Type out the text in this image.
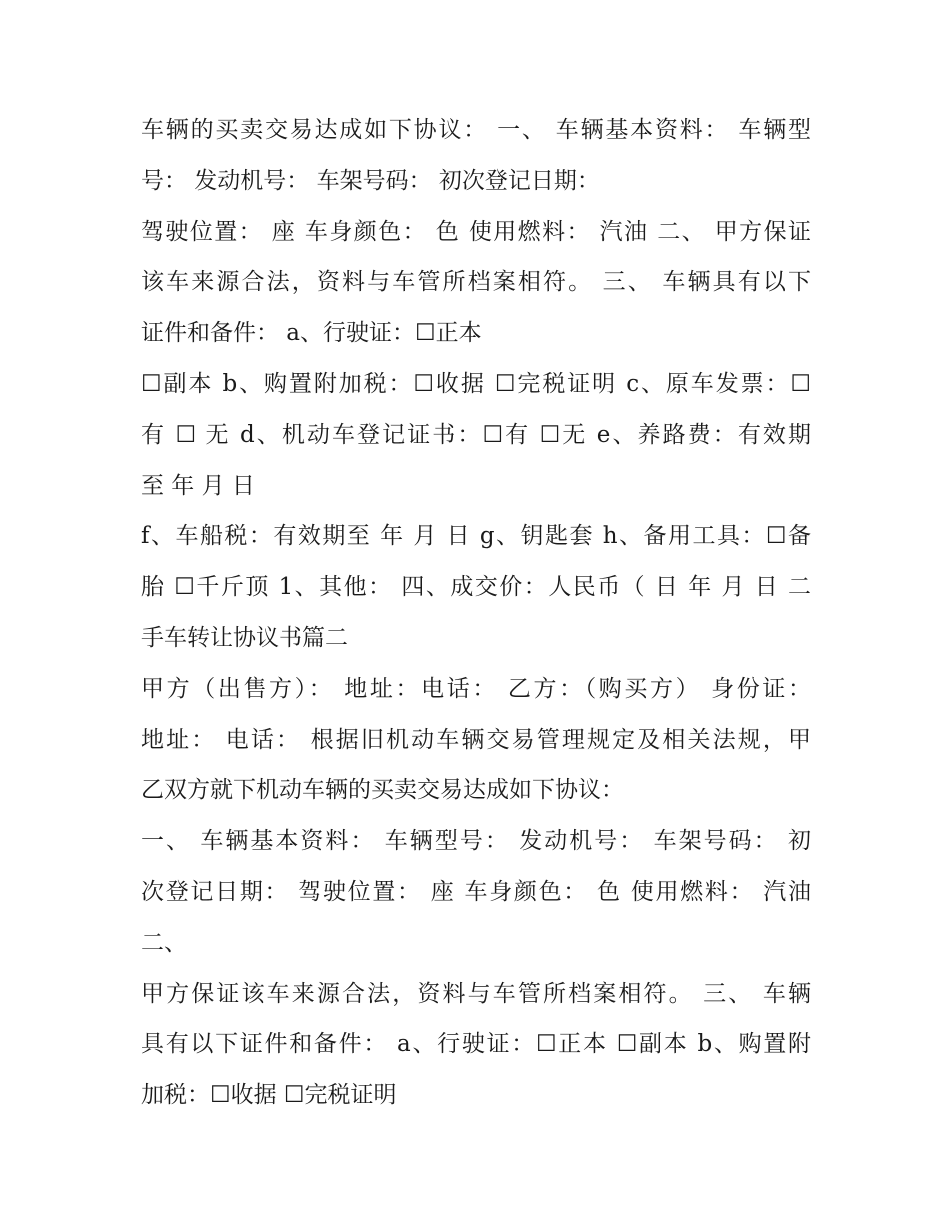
车辆的买卖交易达成如下协议： 一、 车辆基本资料： 车辆型
号： 发动机号： 车架号码： 初次登记日期：
驾驶位置： 座 车身颜色： 色 使用燃料： 汽油 二、 甲方保证
该车来源合法，资料与车管所档案相符。 三、 车辆具有以下
证件和备件： a、行驶证：☐正本
☐副本 b、购置附加税：☐收据 ☐完税证明 c、原车发票：☐
有 ☐ 无 d、机动车登记证书：☐有 ☐无 e、养路费：有效期
至 年 月 日
f、车船税：有效期至 年 月 日 g、钥匙套 h、备用工具：☐备
胎 ☐千斤顶 1、其他： 四、成交价：人民币（ 日 年 月 日 二
手车转让协议书篇二
甲方（出售方）： 地址：电话： 乙方：（购买方） 身份证：
地址： 电话： 根据旧机动车辆交易管理规定及相关法规，甲
乙双方就下机动车辆的买卖交易达成如下协议：
一、 车辆基本资料： 车辆型号： 发动机号： 车架号码： 初
次登记日期： 驾驶位置： 座 车身颜色： 色 使用燃料： 汽油
二、
甲方保证该车来源合法，资料与车管所档案相符。 三、 车辆
具有以下证件和备件： a、行驶证：☐正本 ☐副本 b、购置附
加税：☐收据 ☐完税证明
